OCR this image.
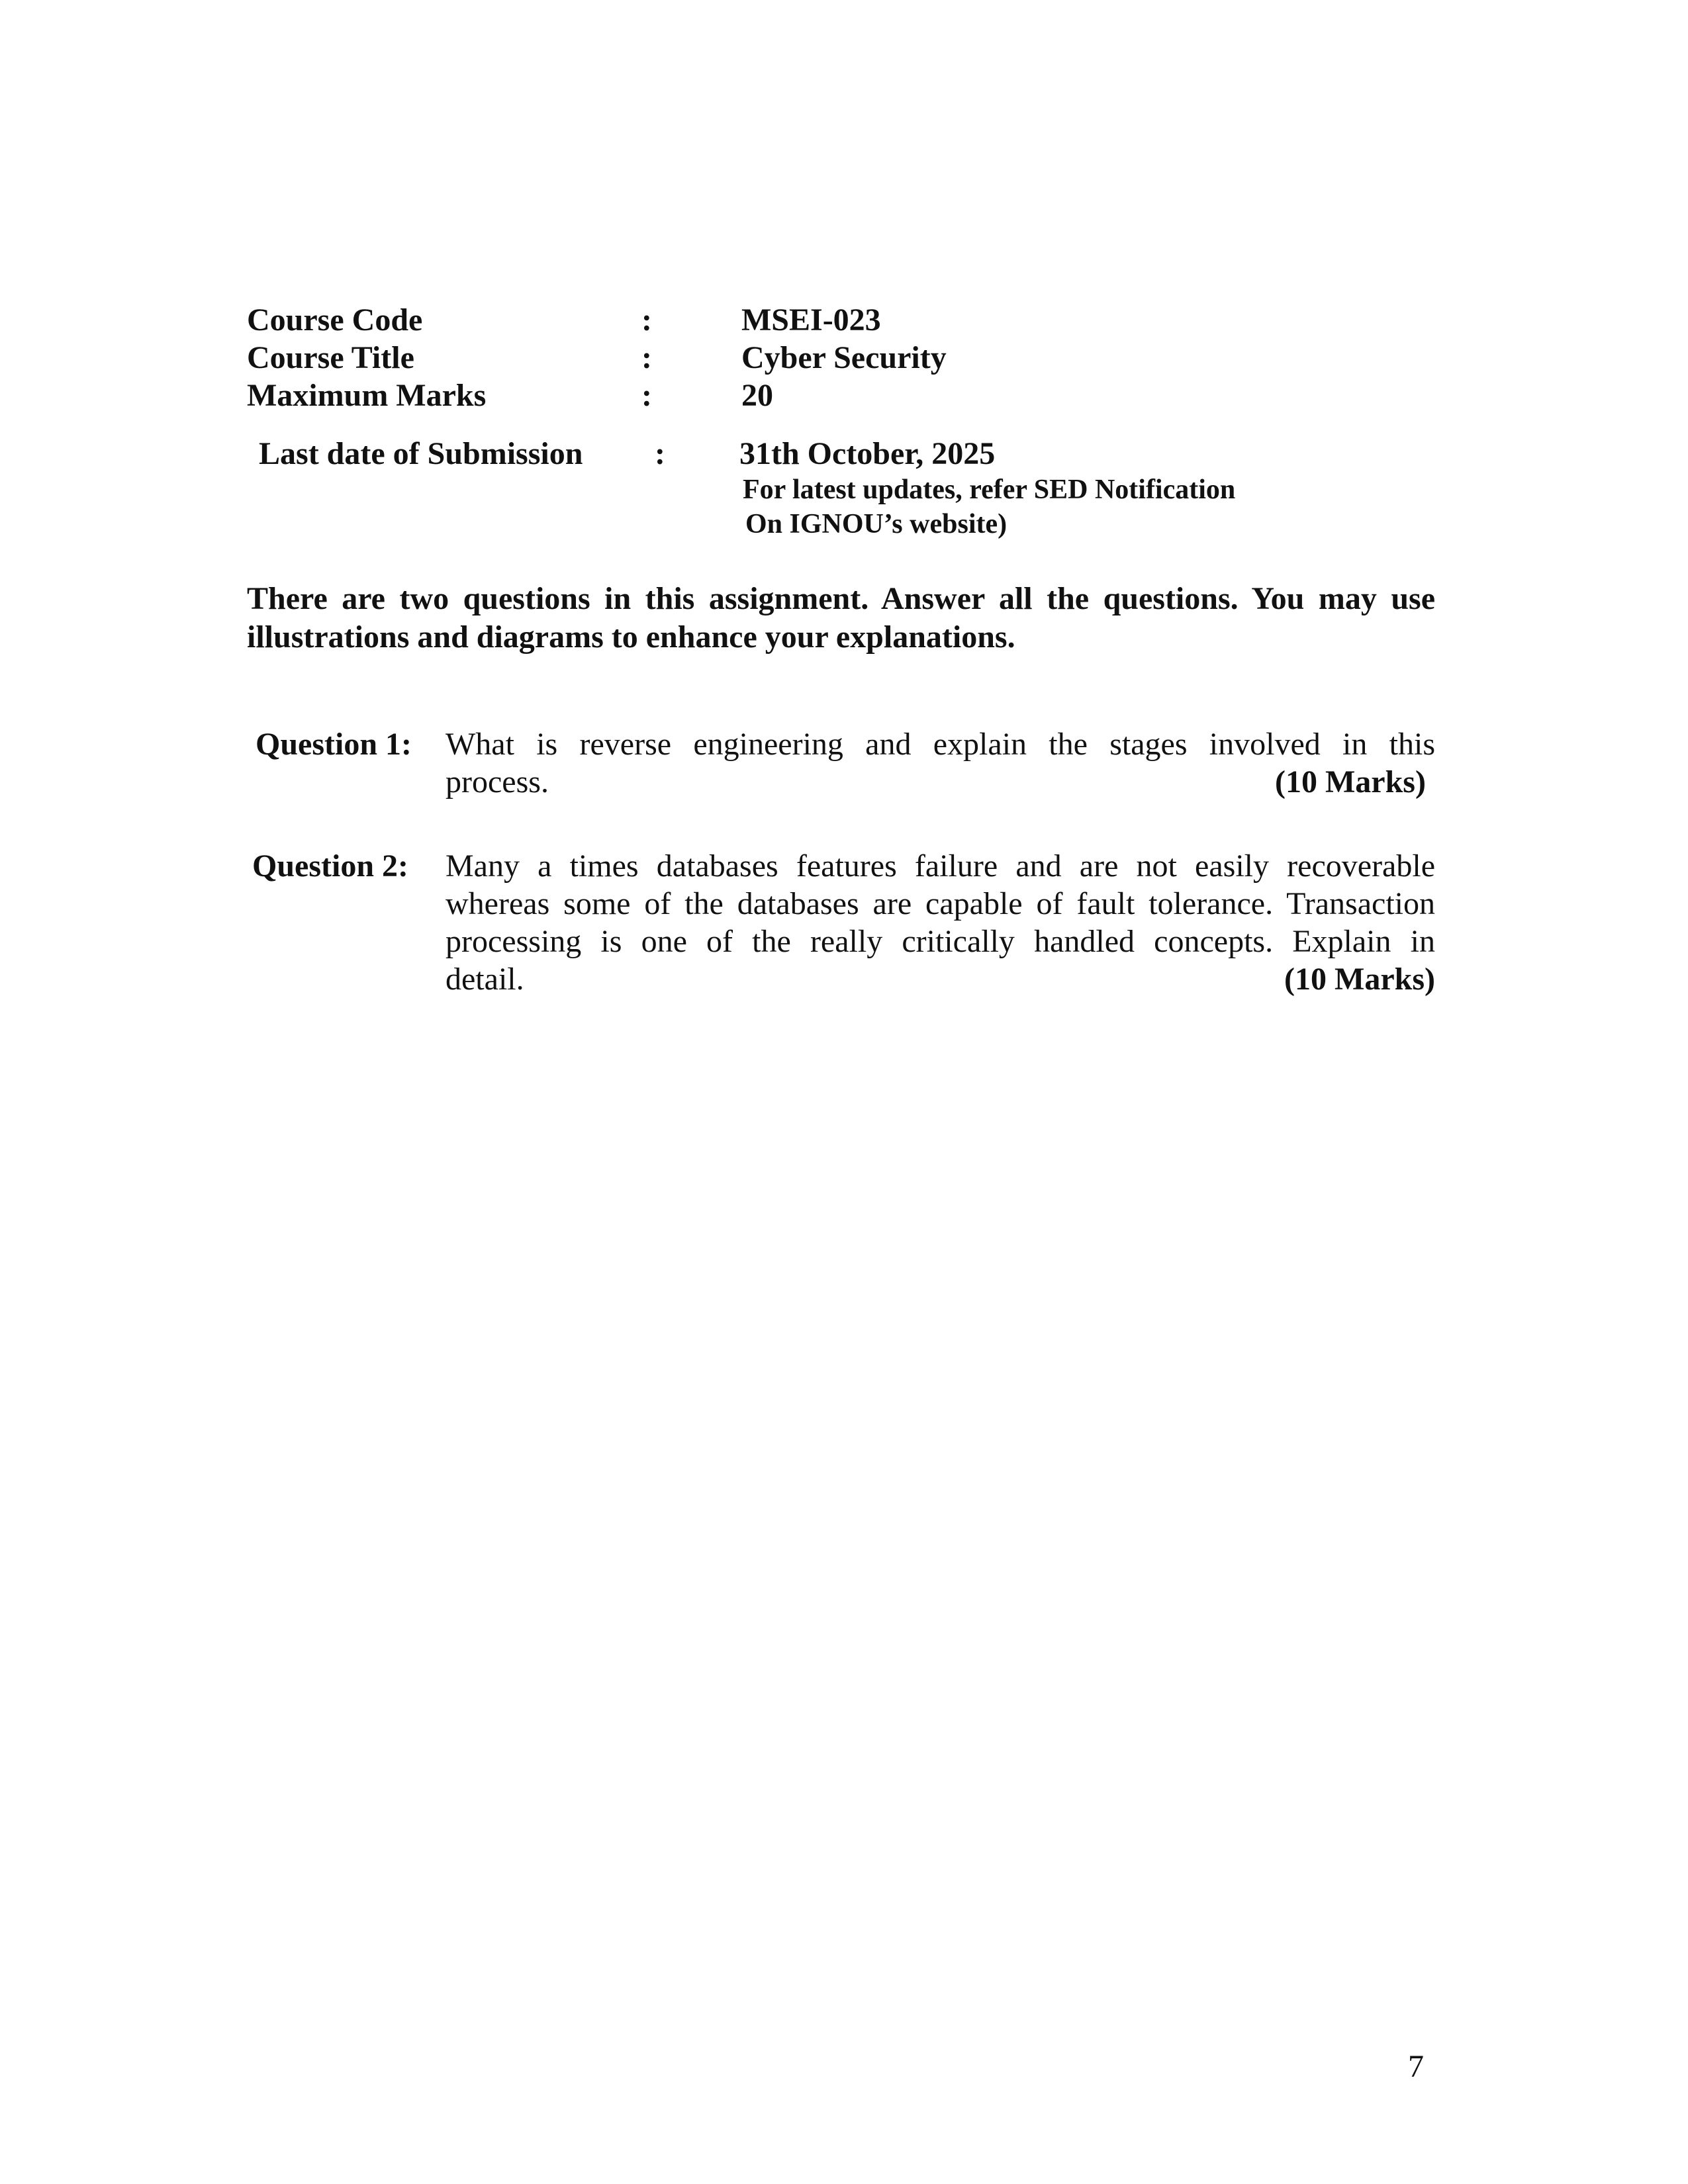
Course Code	:	MSEI-023
Course Title	:	Cyber Security
Maximum Marks	:	20
Last date of Submission : 31th October, 2025
For latest updates, refer SED Notification
On IGNOU’s website)
There are two questions in this assignment. Answer all the questions. You may use illustrations and diagrams to enhance your explanations.
Question 1: What is reverse engineering and explain the stages involved in this
process.	(10 Marks)
Question 2: Many a times databases features failure and are not easily recoverable
whereas some of the databases are capable of fault tolerance. Transaction
processing is one of the really critically handled concepts. Explain in
detail.	(10 Marks)
7
